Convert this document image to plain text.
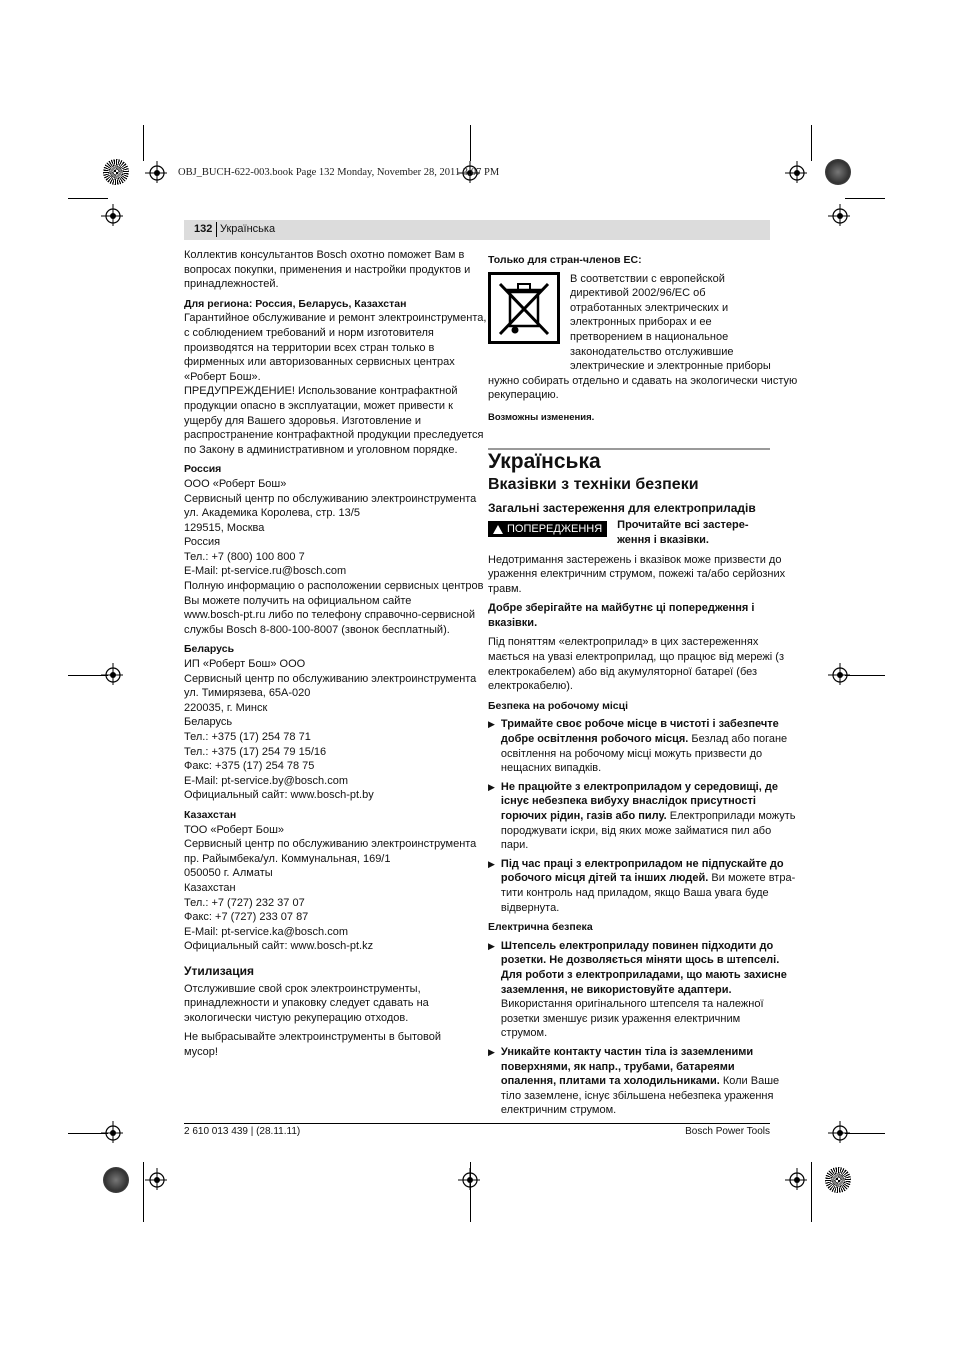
OBJ_BUCH-622-003.book Page 132 Monday, November 28, 2011 3:07 PM
132 Українська
Коллектив консультантов Bosch охотно поможет Вам в
вопросах покупки, применения и настройки продуктов и
принадлежностей.

Для региона: Россия, Беларусь, Казахстан

Гарантийное обслуживание и ремонт электроинструмента,
с соблюдением требований и норм изготовителя
производятся на территории всех стран только в
фирменных или авторизованных сервисных центрах
«Роберт Бош».
ПРЕДУПРЕЖДЕНИЕ! Использование контрафактной
продукции опасно в эксплуатации, может привести к
ущербу для Вашего здоровья. Изготовление и
распространение контрафактной продукции преследуется
по Закону в административном и уголовном порядке.

Россия

ООО «Роберт Бош»
Сервисный центр по обслуживанию электроинструмента
ул. Академика Королева, стр. 13/5
129515, Москва
Россия
Тел.: +7 (800) 100 800 7
E-Mail: pt-service.ru@bosch.com
Полную информацию о расположении сервисных центров
Вы можете получить на официальном сайте
www.bosch-pt.ru либо по телефону справочно-сервисной
службы Bosch 8-800-100-8007 (звонок бесплатный).

Беларусь

ИП «Роберт Бош» ООО
Сервисный центр по обслуживанию электроинструмента
ул. Тимирязева, 65А-020
220035, г. Минск
Беларусь
Тел.: +375 (17) 254 78 71
Тел.: +375 (17) 254 79 15/16
Факс: +375 (17) 254 78 75
E-Mail: pt-service.by@bosch.com
Официальный сайт: www.bosch-pt.by

Казахстан

ТОО «Роберт Бош»
Сервисный центр по обслуживанию электроинструмента
пр. Райымбека/ул. Коммунальная, 169/1
050050 г. Алматы
Казахстан
Тел.: +7 (727) 232 37 07
Факс: +7 (727) 233 07 87
E-Mail: pt-service.ka@bosch.com
Официальный сайт: www.bosch-pt.kz

Утилизация

Отслужившие свой срок электроинструменты,
принадлежности и упаковку следует сдавать на
экологически чистую рекуперацию отходов.

Не выбрасывайте электроинструменты в бытовой мусор!

Только для стран-членов ЕС:

В соответствии с европейской
директивой 2002/96/ЕС об
отработанных электрических и
электронных приборах и ее
претворением в национальное
законодательство отслужившие
электрические и электронные приборы
нужно собирать отдельно и сдавать на экологически чистую
рекуперацию.

Возможны изменения.

Українська

Вказівки з техніки безпеки

Загальні застереження для електроприладів

ПОПЕРЕДЖЕННЯ Прочитайте всі застере-
ження і вказівки.
Недотримання застережень і вказівок може призвести до
ураження електричним струмом, пожежі та/або серйозних
травм.
Добре зберігайте на майбутнє ці попередження і
вказівки.
Під поняттям «електроприлад» в цих застереженнях
мається на увазі електроприлад, що працює від мережі (з
електрокабелем) або від акумуляторної батареї (без
електрокабелю).

Безпека на робочому місці

▶ Тримайте своє робоче місце в чистоті і забезпечте
добре освітлення робочого місця. Безлад або погане
освітлення на робочому місці можуть призвести до
нещасних випадків.
▶ Не працюйте з електроприладом у середовищі, де
існує небезпека вибуху внаслідок присутності
горючих рідин, газів або пилу. Електроприлади можуть
породжувати іскри, від яких може займатися пил або
пари.
▶ Під час праці з електроприладом не підпускайте до
робочого місця дітей та інших людей. Ви можете втра-
тити контроль над приладом, якщо Ваша увага буде
відвернута.

Електрична безпека

▶ Штепсель електроприладу повинен підходити до
розетки. Не дозволяється міняти щось в штепселі.
Для роботи з електроприладами, що мають захисне
заземлення, не використовуйте адаптери.
Використання оригінального штепселя та належної
розетки зменшує ризик ураження електричним
струмом.
▶ Уникайте контакту частин тіла із заземленими
поверхнями, як напр., трубами, батареями
опалення, плитами та холодильниками. Коли Ваше
тіло заземлене, існує збільшена небезпека ураження
електричним струмом.
2 610 013 439 | (28.11.11)	Bosch Power Tools
